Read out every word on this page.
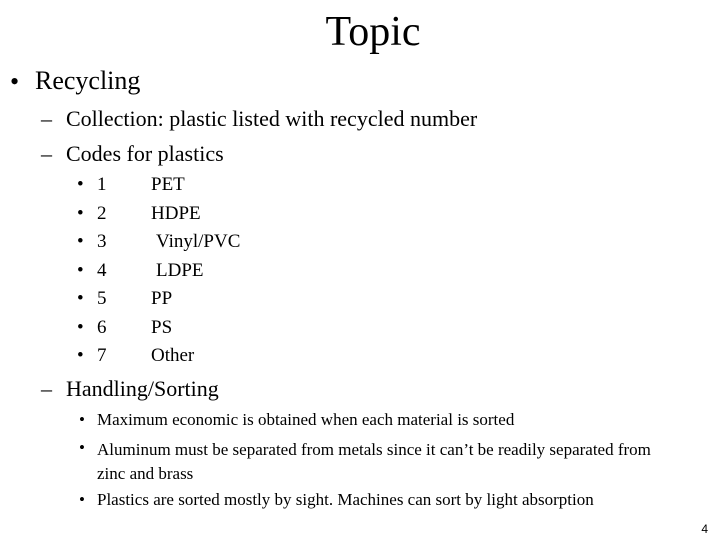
Topic
• Recycling
– Collection: plastic listed with recycled number
– Codes for plastics
• 1 PET
• 2 HDPE
• 3	Vinyl/PVC
• 4	LDPE
• 5 PP
• 6 PS
• 7 Other
– Handling/Sorting
• Maximum economic is obtained when each material is sorted
• Aluminum must be separated from metals since it can’t be readily separated from zinc and brass
• Plastics are sorted mostly by sight. Machines can sort by light absorption
4
